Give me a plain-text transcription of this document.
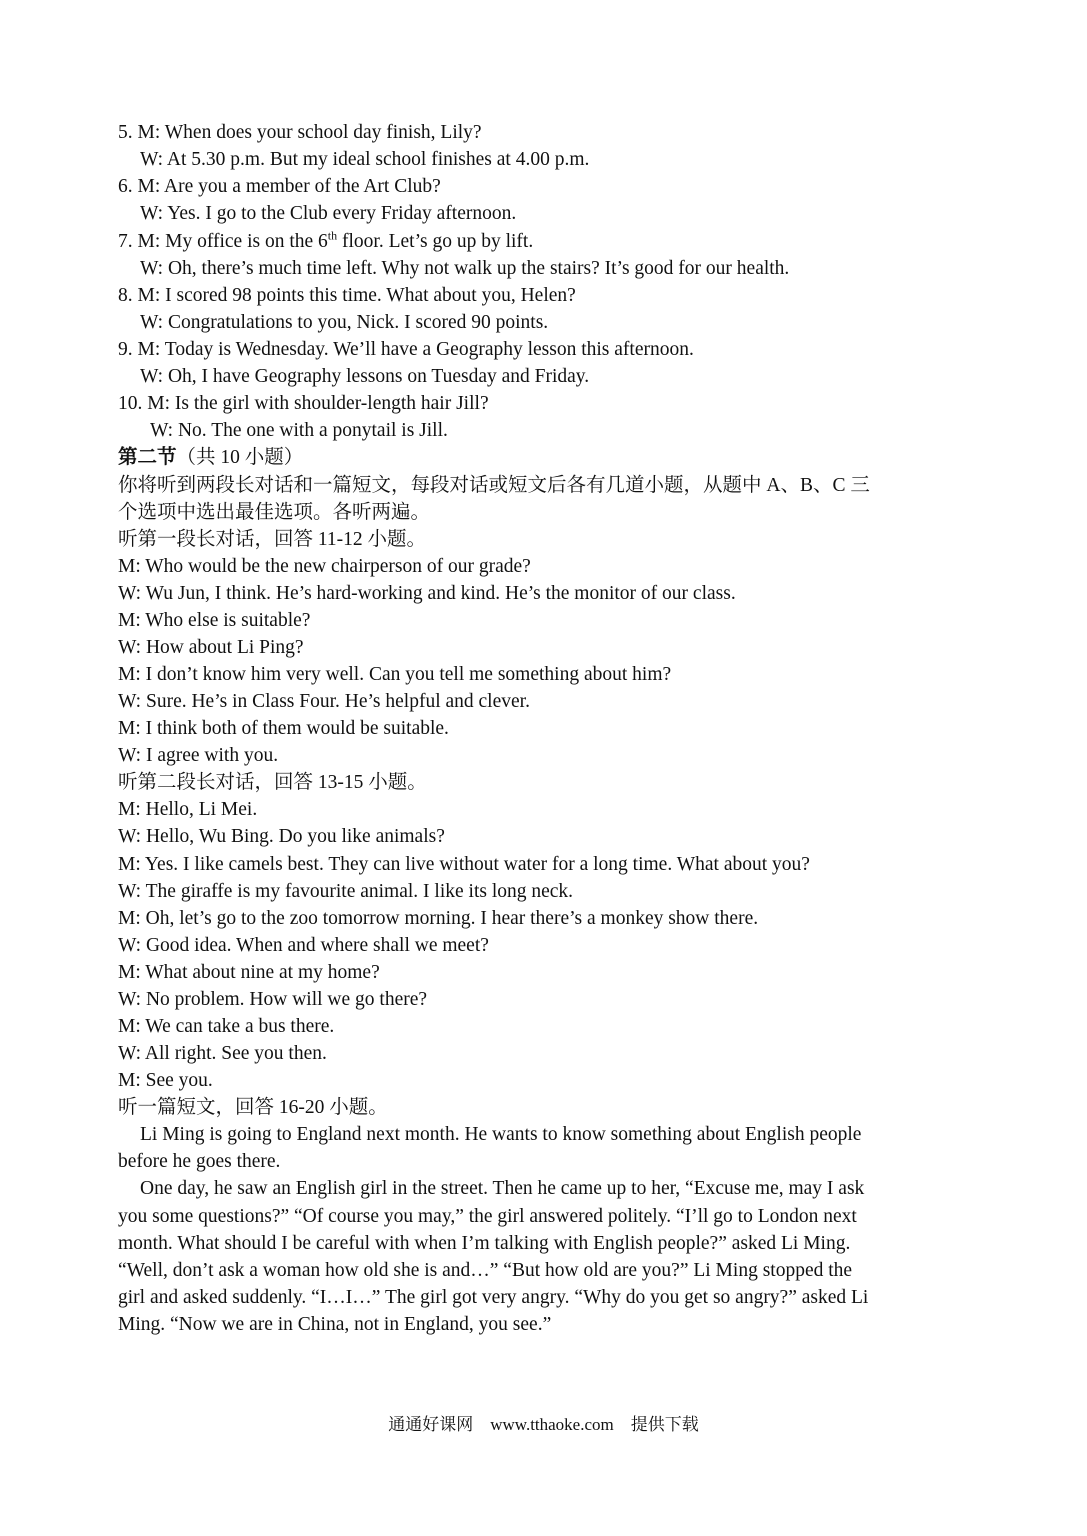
5. M: When does your school day finish, Lily?
W: At 5.30 p.m. But my ideal school finishes at 4.00 p.m.
6. M: Are you a member of the Art Club?
W: Yes. I go to the Club every Friday afternoon.
7. M: My office is on the 6th floor. Let’s go up by lift.
W: Oh, there’s much time left. Why not walk up the stairs? It’s good for our health.
8. M: I scored 98 points this time. What about you, Helen?
W: Congratulations to you, Nick. I scored 90 points.
9. M: Today is Wednesday. We’ll have a Geography lesson this afternoon.
W: Oh, I have Geography lessons on Tuesday and Friday.
10. M: Is the girl with shoulder-length hair Jill?
W: No. The one with a ponytail is Jill.
第二节（共 10 小题）
你将听到两段长对话和一篇短文，每段对话或短文后各有几道小题，从题中 A、B、C 三
个选项中选出最佳选项。各听两遍。
听第一段长对话，回答 11-12 小题。
M: Who would be the new chairperson of our grade?
W: Wu Jun, I think. He’s hard-working and kind. He’s the monitor of our class.
M: Who else is suitable?
W: How about Li Ping?
M: I don’t know him very well. Can you tell me something about him?
W: Sure. He’s in Class Four. He’s helpful and clever.
M: I think both of them would be suitable.
W: I agree with you.
听第二段长对话，回答 13-15 小题。
M: Hello, Li Mei.
W: Hello, Wu Bing. Do you like animals?
M: Yes. I like camels best. They can live without water for a long time. What about you?
W: The giraffe is my favourite animal. I like its long neck.
M: Oh, let’s go to the zoo tomorrow morning. I hear there’s a monkey show there.
W: Good idea. When and where shall we meet?
M: What about nine at my home?
W: No problem. How will we go there?
M: We can take a bus there.
W: All right. See you then.
M: See you.
听一篇短文，回答 16-20 小题。
Li Ming is going to England next month. He wants to know something about English people
before he goes there.
One day, he saw an English girl in the street. Then he came up to her, “Excuse me, may I ask
you some questions?” “Of course you may,” the girl answered politely. “I’ll go to London next
month. What should I be careful with when I’m talking with English people?” asked Li Ming.
“Well, don’t ask a woman how old she is and…” “But how old are you?” Li Ming stopped the
girl and asked suddenly. “I…I…” The girl got very angry. “Why do you get so angry?” asked Li
Ming. “Now we are in China, not in England, you see.”
通通好课网　www.tthaoke.com　提供下载
